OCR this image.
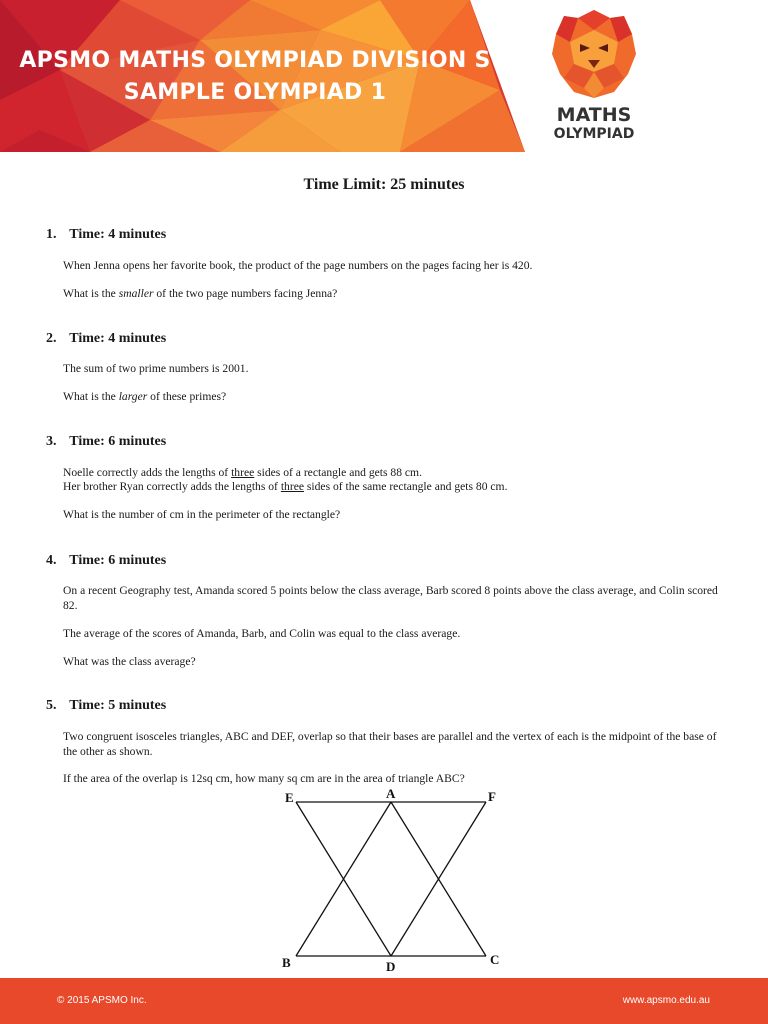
APSMO MATHS OLYMPIAD DIVISION S
SAMPLE OLYMPIAD 1
MATHS
OLYMPIAD
Time Limit: 25 minutes
1. Time: 4 minutes
When Jenna opens her favorite book, the product of the page numbers on the pages facing her is 420.
What is the smaller of the two page numbers facing Jenna?
2. Time: 4 minutes
The sum of two prime numbers is 2001.
What is the larger of these primes?
3. Time: 6 minutes
Noelle correctly adds the lengths of three sides of a rectangle and gets 88 cm.
Her brother Ryan correctly adds the lengths of three sides of the same rectangle and gets 80 cm.
What is the number of cm in the perimeter of the rectangle?
4. Time: 6 minutes
On a recent Geography test, Amanda scored 5 points below the class average, Barb scored 8 points above the class average, and Colin scored 82.
The average of the scores of Amanda, Barb, and Colin was equal to the class average.
What was the class average?
5. Time: 5 minutes
Two congruent isosceles triangles, ABC and DEF, overlap so that their bases are parallel and the vertex of each is the midpoint of the base of the other as shown.
If the area of the overlap is 12sq cm, how many sq cm are in the area of triangle ABC?
E	A	F
B	D	C
© 2015 APSMO Inc.	www.apsmo.edu.au
